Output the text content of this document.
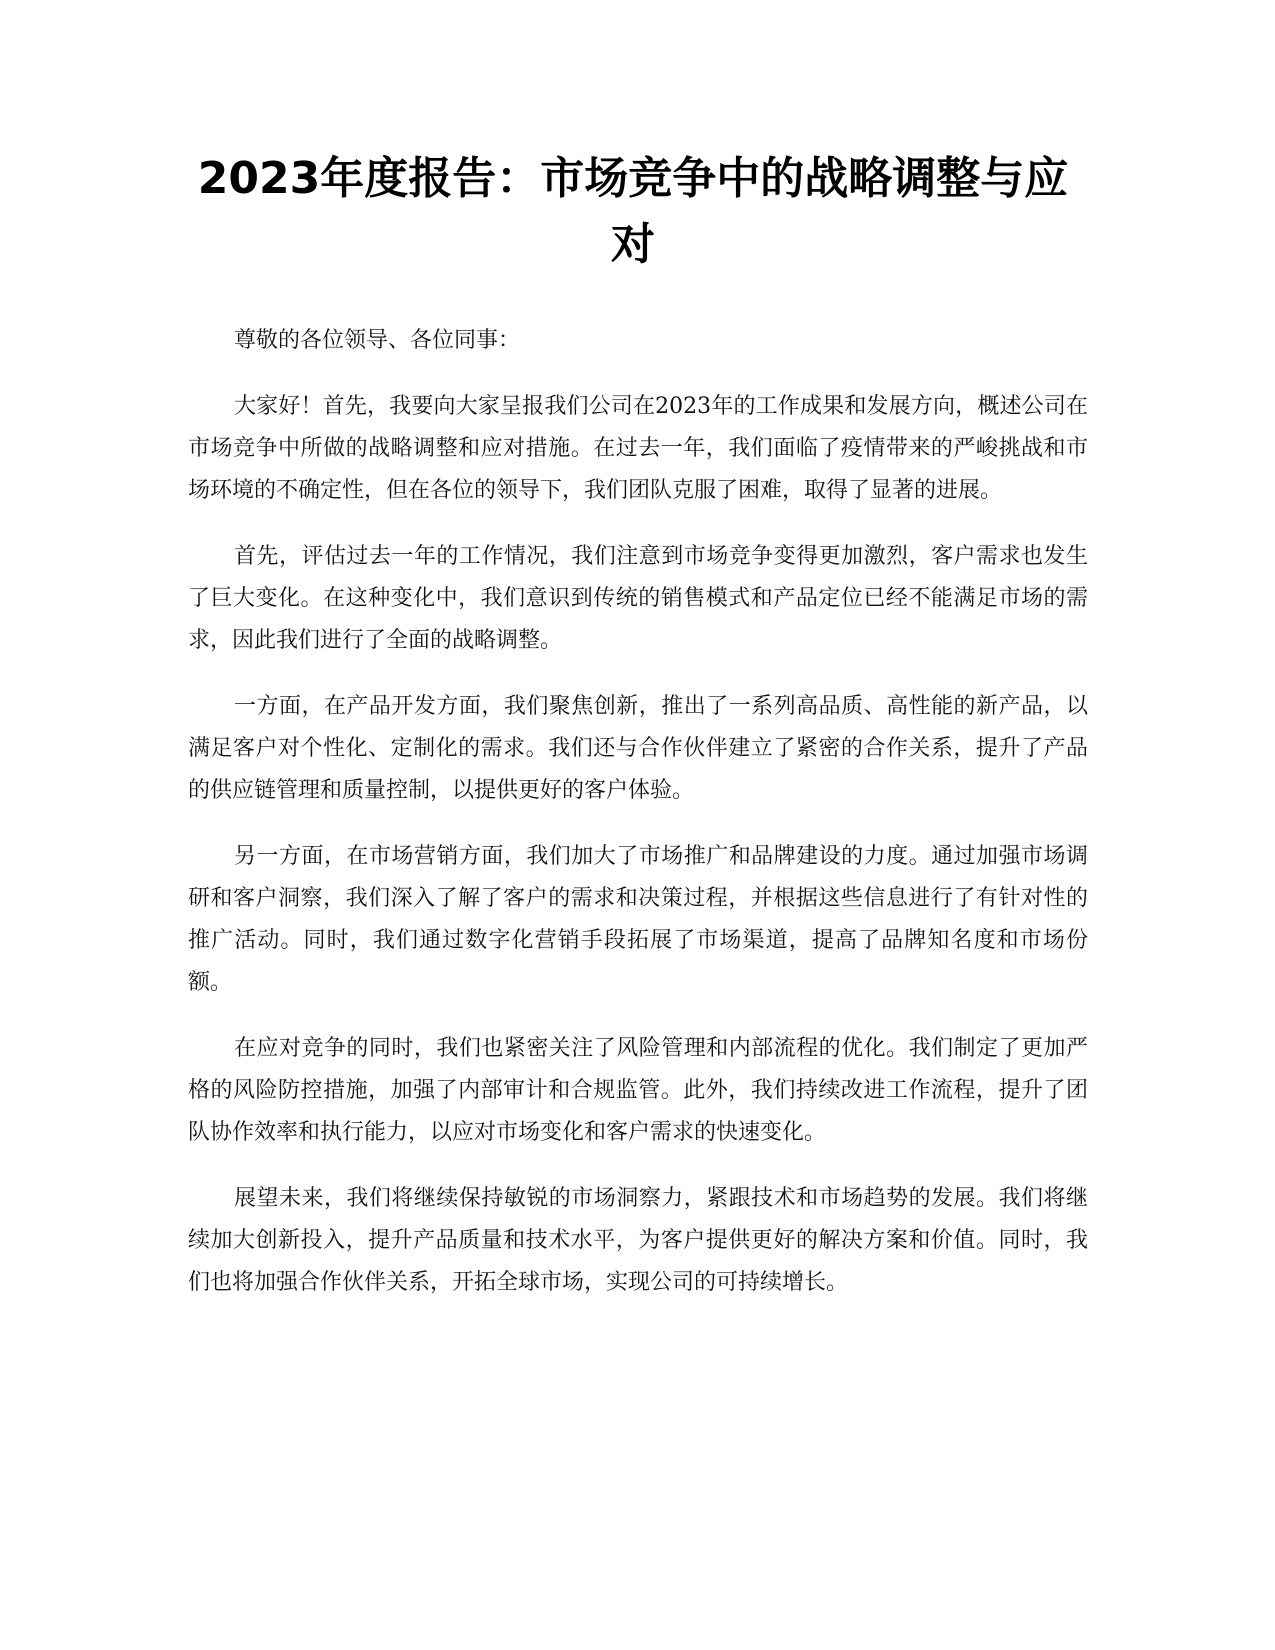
2023年度报告：市场竞争中的战略调整与应对

尊敬的各位领导、各位同事：

大家好！首先，我要向大家呈报我们公司在2023年的工作成果和发展方向，概述公司在市场竞争中所做的战略调整和应对措施。在过去一年，我们面临了疫情带来的严峻挑战和市场环境的不确定性，但在各位的领导下，我们团队克服了困难，取得了显著的进展。

首先，评估过去一年的工作情况，我们注意到市场竞争变得更加激烈，客户需求也发生了巨大变化。在这种变化中，我们意识到传统的销售模式和产品定位已经不能满足市场的需求，因此我们进行了全面的战略调整。

一方面，在产品开发方面，我们聚焦创新，推出了一系列高品质、高性能的新产品，以满足客户对个性化、定制化的需求。我们还与合作伙伴建立了紧密的合作关系，提升了产品的供应链管理和质量控制，以提供更好的客户体验。

另一方面，在市场营销方面，我们加大了市场推广和品牌建设的力度。通过加强市场调研和客户洞察，我们深入了解了客户的需求和决策过程，并根据这些信息进行了有针对性的推广活动。同时，我们通过数字化营销手段拓展了市场渠道，提高了品牌知名度和市场份额。

在应对竞争的同时，我们也紧密关注了风险管理和内部流程的优化。我们制定了更加严格的风险防控措施，加强了内部审计和合规监管。此外，我们持续改进工作流程，提升了团队协作效率和执行能力，以应对市场变化和客户需求的快速变化。

展望未来，我们将继续保持敏锐的市场洞察力，紧跟技术和市场趋势的发展。我们将继续加大创新投入，提升产品质量和技术水平，为客户提供更好的解决方案和价值。同时，我们也将加强合作伙伴关系，开拓全球市场，实现公司的可持续增长。
